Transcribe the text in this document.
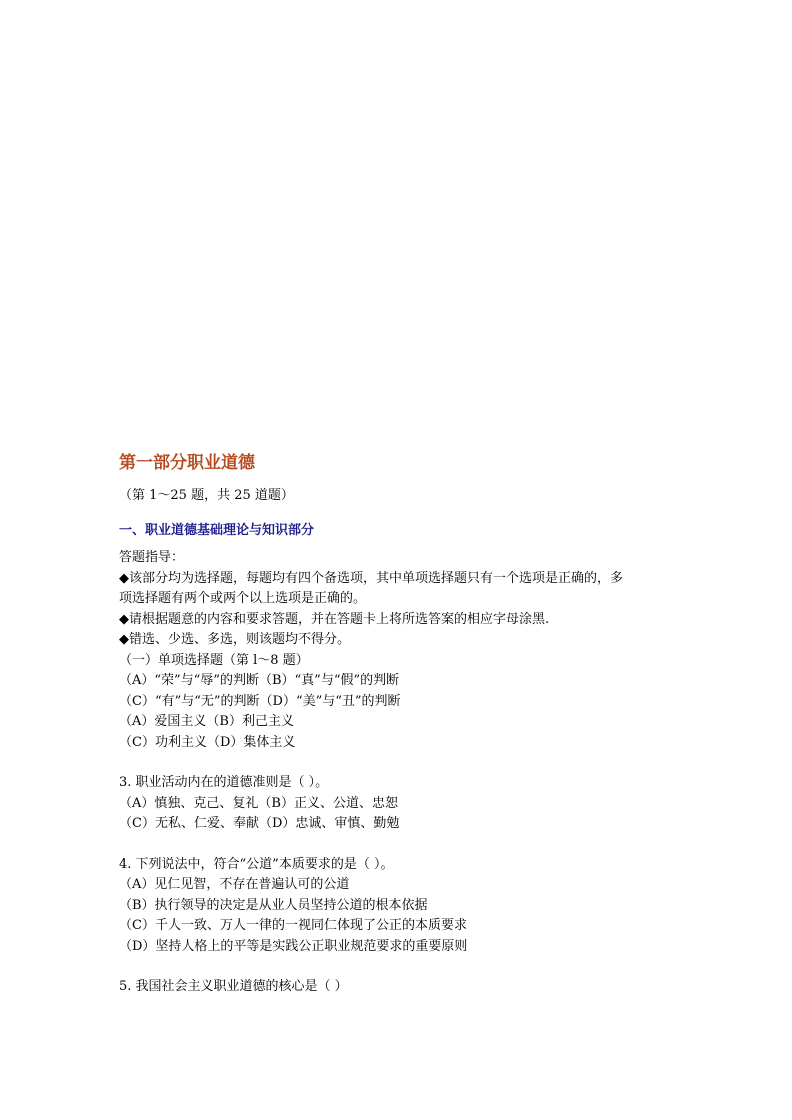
第一部分职业道德
（第 1～25 题，共 25 道题）
一、职业道德基础理论与知识部分
答题指导：
◆该部分均为选择题，每题均有四个备选项，其中单项选择题只有一个选项是正确的，多
项选择题有两个或两个以上选项是正确的。
◆请根据题意的内容和要求答题，并在答题卡上将所选答案的相应字母涂黑.
◆错选、少选、多选，则该题均不得分。
（一）单项选择题（第 l～8 题）
（A）“荣”与“辱”的判断（B）“真”与“假”的判断
（C）“有”与“无”的判断（D）“美”与“丑”的判断
（A）爱国主义（B）利己主义
（C）功利主义（D）集体主义
3. 职业活动内在的道德准则是（ ）。
（A）慎独、克己、复礼（B）正义、公道、忠恕
（C）无私、仁爱、奉献（D）忠诚、审慎、勤勉
4. 下列说法中，符合“公道”本质要求的是（ ）。
（A）见仁见智，不存在普遍认可的公道
（B）执行领导的决定是从业人员坚持公道的根本依据
（C）千人一致、万人一律的一视同仁体现了公正的本质要求
（D）坚持人格上的平等是实践公正职业规范要求的重要原则
5. 我国社会主义职业道德的核心是（ ）
